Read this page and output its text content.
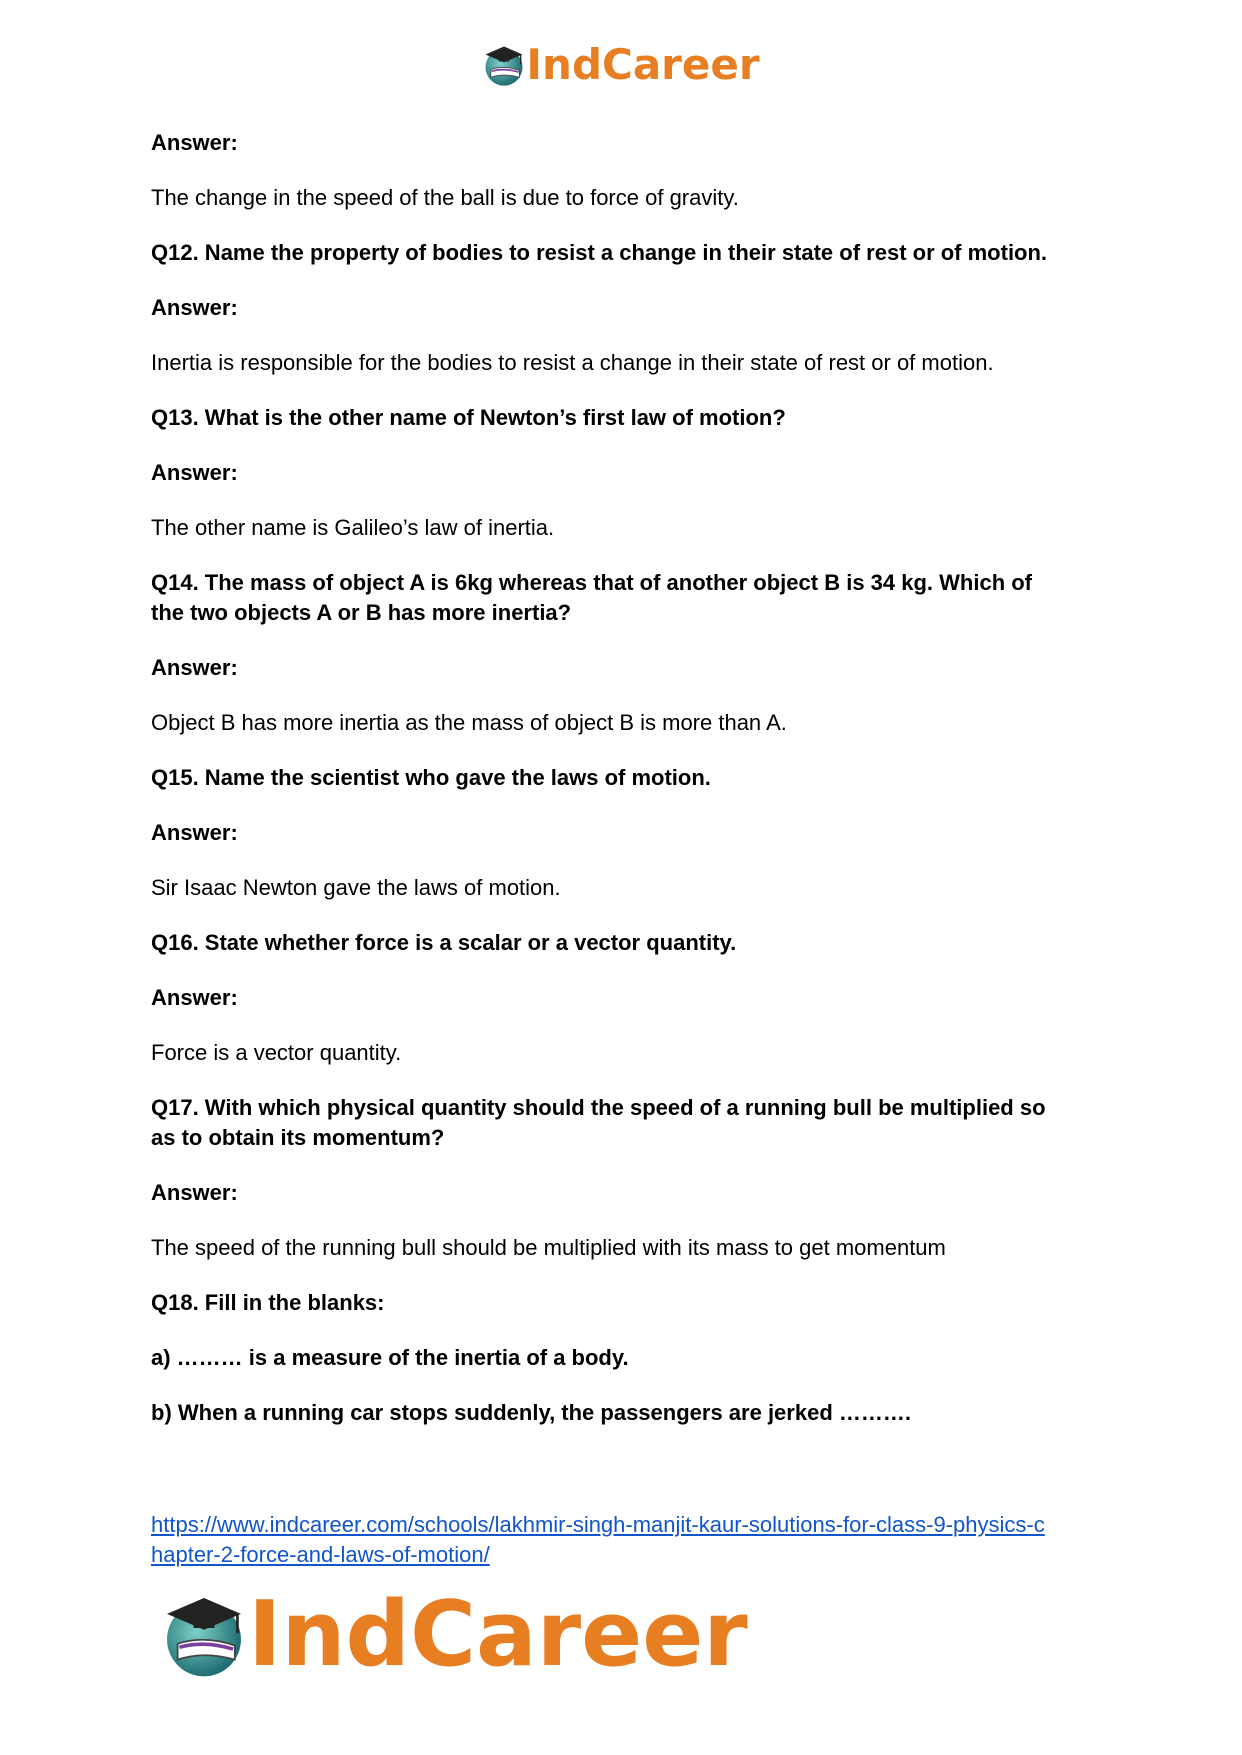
IndCareer
Answer:
The change in the speed of the ball is due to force of gravity.
Q12. Name the property of bodies to resist a change in their state of rest or of motion.
Answer:
Inertia is responsible for the bodies to resist a change in their state of rest or of motion.
Q13. What is the other name of Newton’s first law of motion?
Answer:
The other name is Galileo’s law of inertia.
Q14. The mass of object A is 6kg whereas that of another object B is 34 kg. Which of
the two objects A or B has more inertia?
Answer:
Object B has more inertia as the mass of object B is more than A.
Q15. Name the scientist who gave the laws of motion.
Answer:
Sir Isaac Newton gave the laws of motion.
Q16. State whether force is a scalar or a vector quantity.
Answer:
Force is a vector quantity.
Q17. With which physical quantity should the speed of a running bull be multiplied so
as to obtain its momentum?
Answer:
The speed of the running bull should be multiplied with its mass to get momentum
Q18. Fill in the blanks:
a) ……… is a measure of the inertia of a body.
b) When a running car stops suddenly, the passengers are jerked ……….
https://www.indcareer.com/schools/lakhmir-singh-manjit-kaur-solutions-for-class-9-physics-c
hapter-2-force-and-laws-of-motion/
IndCareer
